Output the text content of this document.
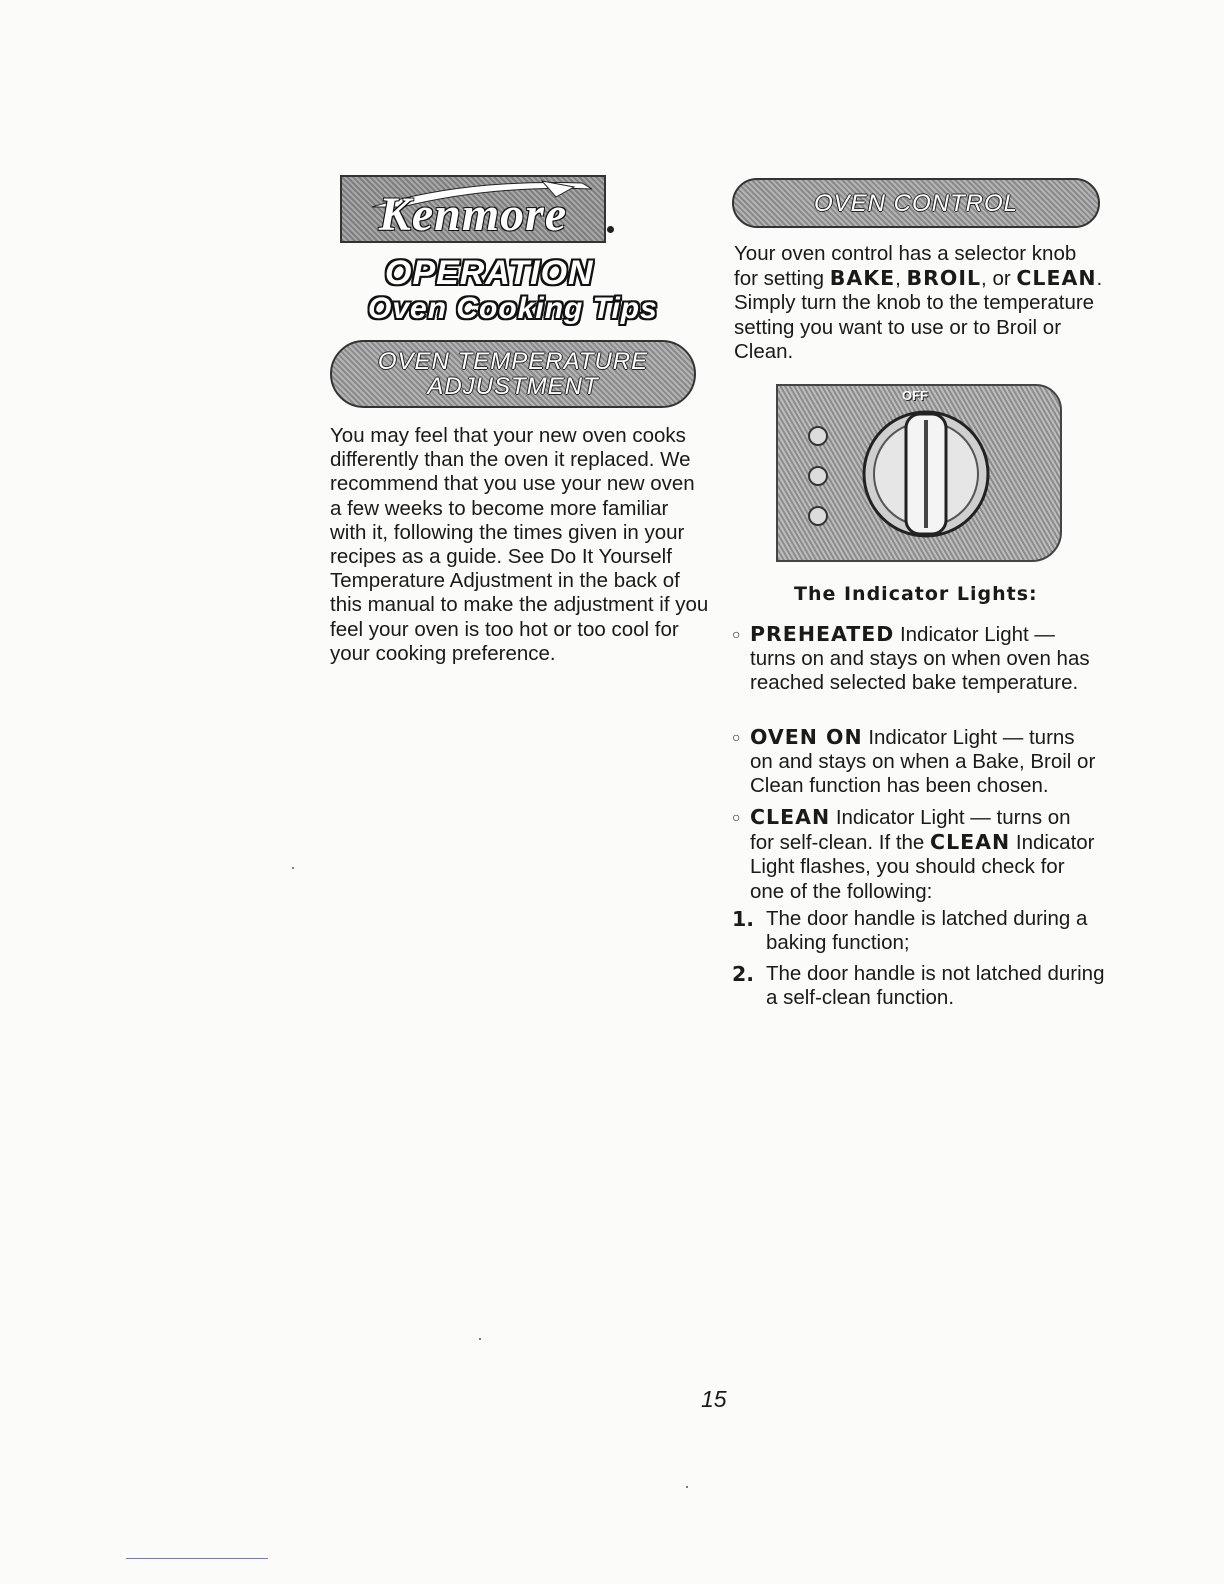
Kenmore
OPERATION
Oven Cooking Tips
OVEN TEMPERATURE
ADJUSTMENT
You may feel that your new oven cooks differently than the oven it replaced. We recommend that you use your new oven a few weeks to become more familiar with it, following the times given in your recipes as a guide. See Do It Yourself Temperature Adjustment in the back of this manual to make the adjustment if you feel your oven is too hot or too cool for your cooking preference.
OVEN CONTROL
Your oven control has a selector knob for setting BAKE, BROIL, or CLEAN. Simply turn the knob to the temperature setting you want to use or to Broil or Clean.
OFF
The Indicator Lights:
○ PREHEATED Indicator Light — turns on and stays on when oven has reached selected bake temperature.
○ OVEN ON Indicator Light — turns on and stays on when a Bake, Broil or Clean function has been chosen.
○ CLEAN Indicator Light — turns on for self-clean. If the CLEAN Indicator Light flashes, you should check for one of the following:
1. The door handle is latched during a baking function;
2. The door handle is not latched during a self-clean function.
15
